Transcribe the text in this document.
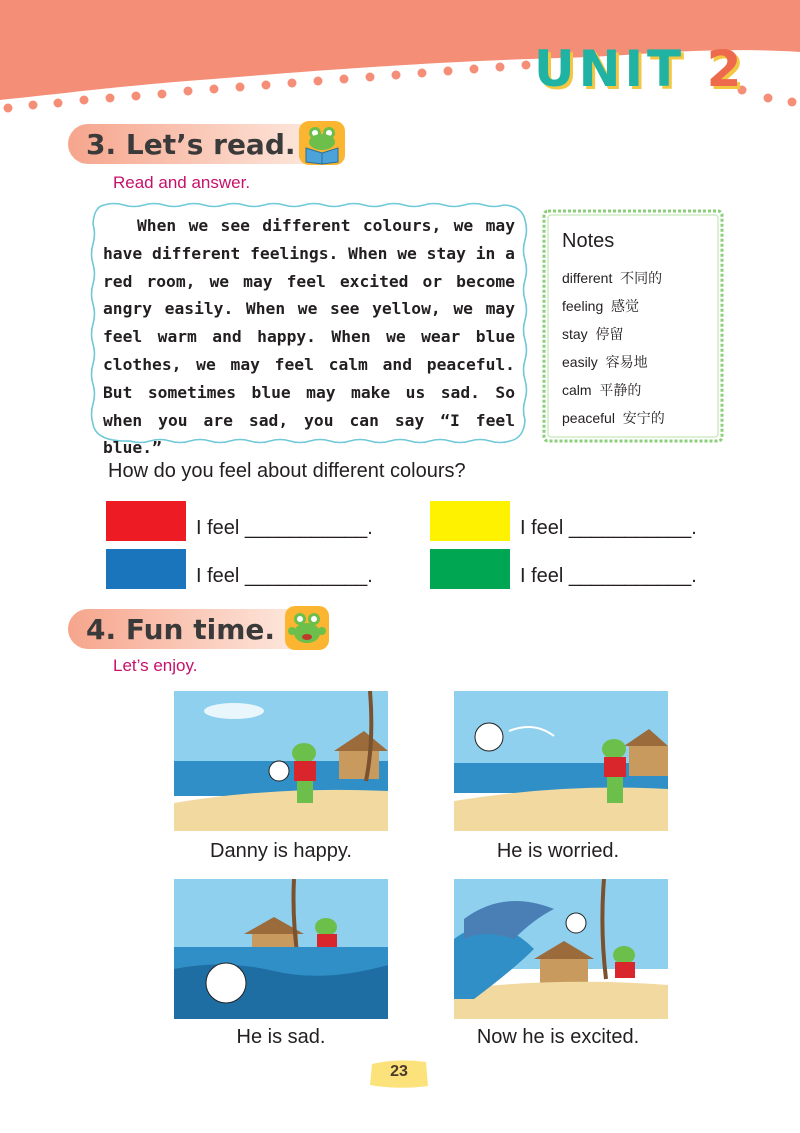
UNIT 2
3. Let’s read.
Read and answer.

When we see different colours, we may have different feelings. When we stay in a red room, we may feel excited or become angry easily. When we see yellow, we may feel warm and happy. When we wear blue clothes, we may feel calm and peaceful. But sometimes blue may make us sad. So when you are sad, you can say “I feel blue.”

Notes
different 不同的
feeling 感觉
stay 停留
easily 容易地
calm 平静的
peaceful 安宁的
How do you feel about different colours?
I feel ___________.	I feel ___________.
I feel ___________.	I feel ___________.
4. Fun time.
Let’s enjoy.
Danny is happy.	He is worried.
He is sad.	Now he is excited.
23
